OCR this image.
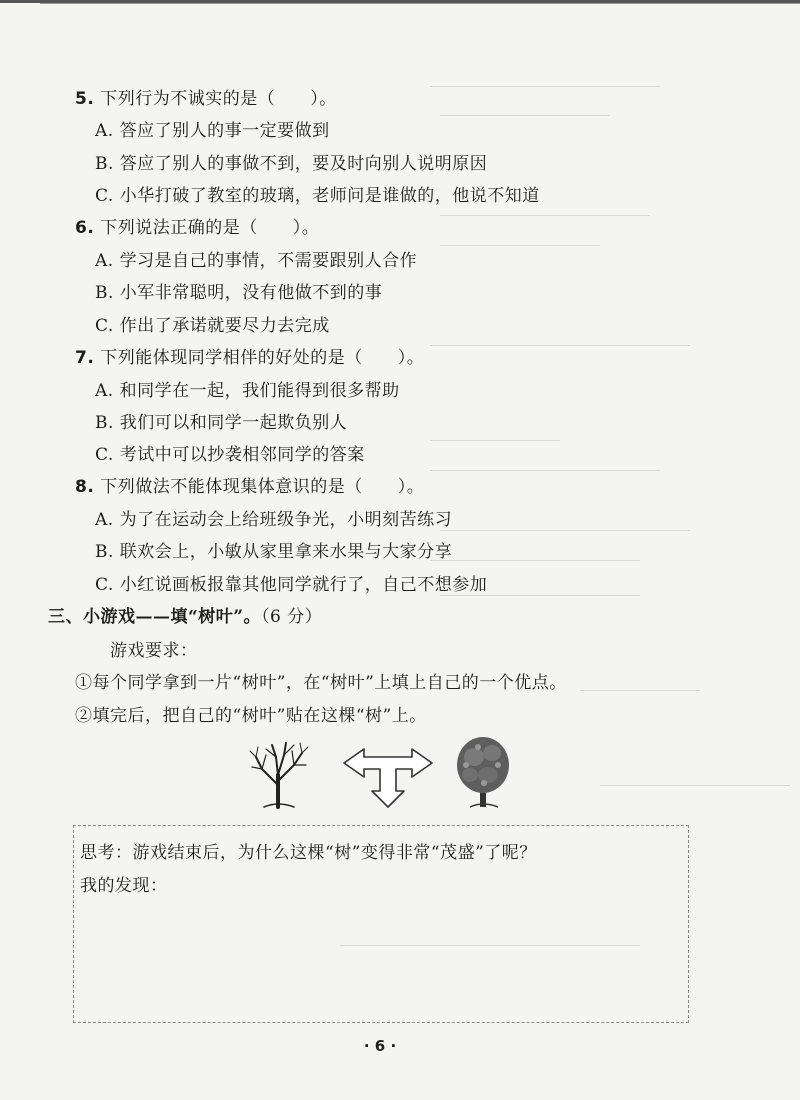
5. 下列行为不诚实的是（　　）。
A. 答应了别人的事一定要做到
B. 答应了别人的事做不到，要及时向别人说明原因
C. 小华打破了教室的玻璃，老师问是谁做的，他说不知道
6. 下列说法正确的是（　　）。
A. 学习是自己的事情，不需要跟别人合作
B. 小军非常聪明，没有他做不到的事
C. 作出了承诺就要尽力去完成
7. 下列能体现同学相伴的好处的是（　　）。
A. 和同学在一起，我们能得到很多帮助
B. 我们可以和同学一起欺负别人
C. 考试中可以抄袭相邻同学的答案
8. 下列做法不能体现集体意识的是（　　）。
A. 为了在运动会上给班级争光，小明刻苦练习
B. 联欢会上，小敏从家里拿来水果与大家分享
C. 小红说画板报靠其他同学就行了，自己不想参加
三、小游戏——填“树叶”。（6 分）
游戏要求：
①每个同学拿到一片“树叶”，在“树叶”上填上自己的一个优点。
②填完后，把自己的“树叶”贴在这棵“树”上。
思考：游戏结束后，为什么这棵“树”变得非常“茂盛”了呢？
我的发现：
· 6 ·
